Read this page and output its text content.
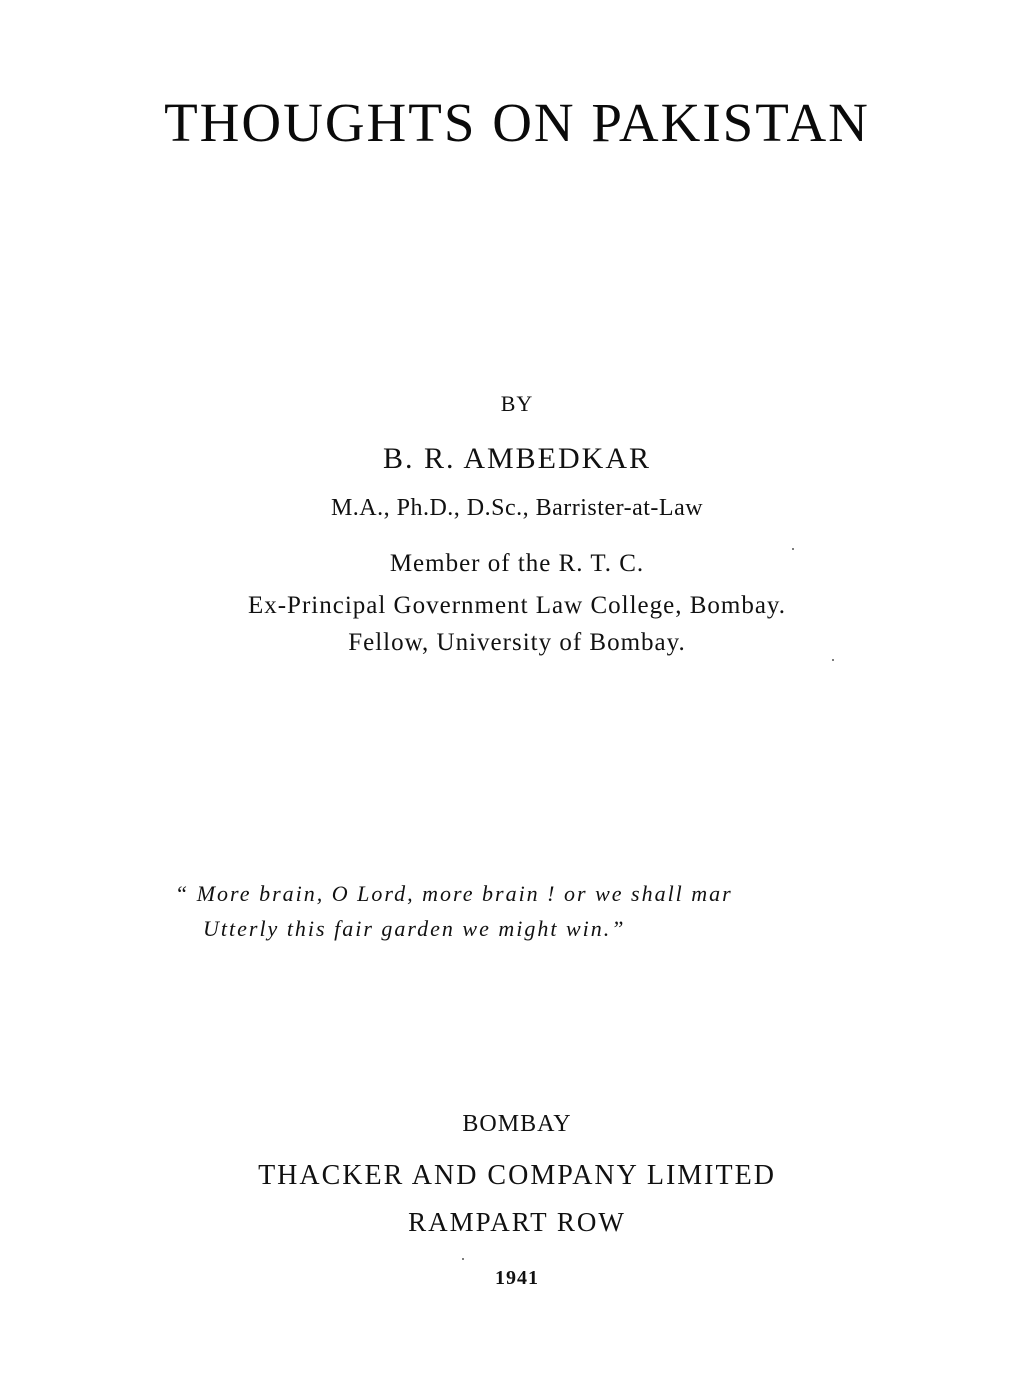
THOUGHTS ON PAKISTAN
BY
B. R. AMBEDKAR
M.A., Ph.D., D.Sc., Barrister-at-Law
Member of the R. T. C.
Ex-Principal Government Law College, Bombay.
Fellow, University of Bombay.
“ More brain, O Lord, more brain ! or we shall mar
Utterly this fair garden we might win.”
BOMBAY
THACKER AND COMPANY LIMITED
RAMPART ROW
1941
